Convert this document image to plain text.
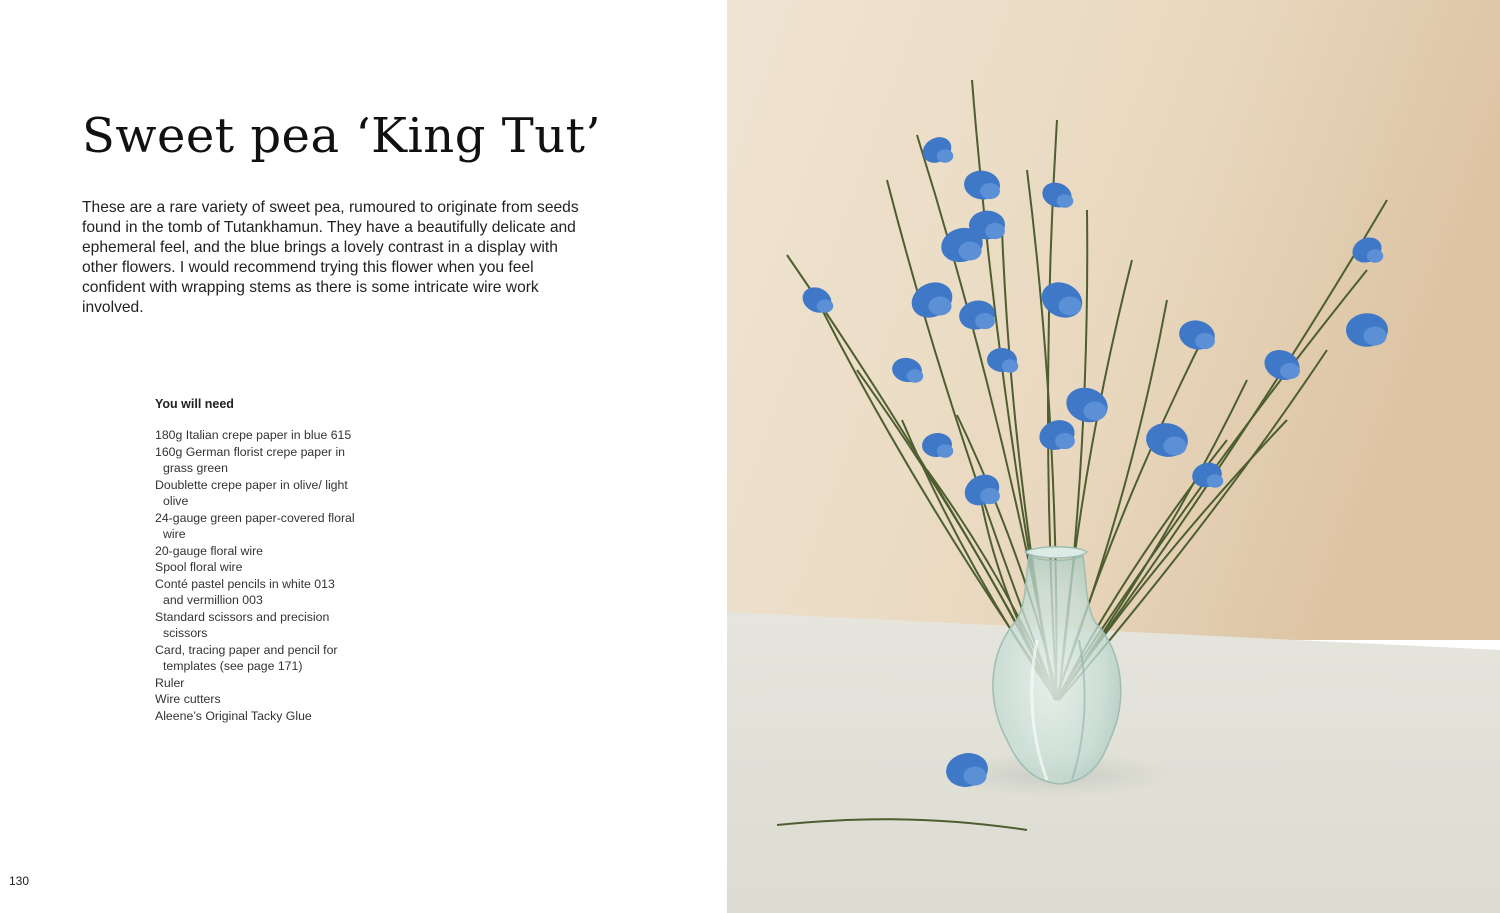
Sweet pea ‘King Tut’

These are a rare variety of sweet pea, rumoured to originate from seeds found in the tomb of Tutankhamun. They have a beautifully delicate and ephemeral feel, and the blue brings a lovely contrast in a display with other flowers. I would recommend trying this flower when you feel confident with wrapping stems as there is some intricate wire work involved.

You will need
180g Italian crepe paper in blue 615
160g German florist crepe paper in grass green
Doublette crepe paper in olive/ light olive
24-gauge green paper-covered floral wire
20-gauge floral wire
Spool floral wire
Conté pastel pencils in white 013 and vermillion 003
Standard scissors and precision scissors
Card, tracing paper and pencil for templates (see page 171)
Ruler
Wire cutters
Aleene’s Original Tacky Glue
130
